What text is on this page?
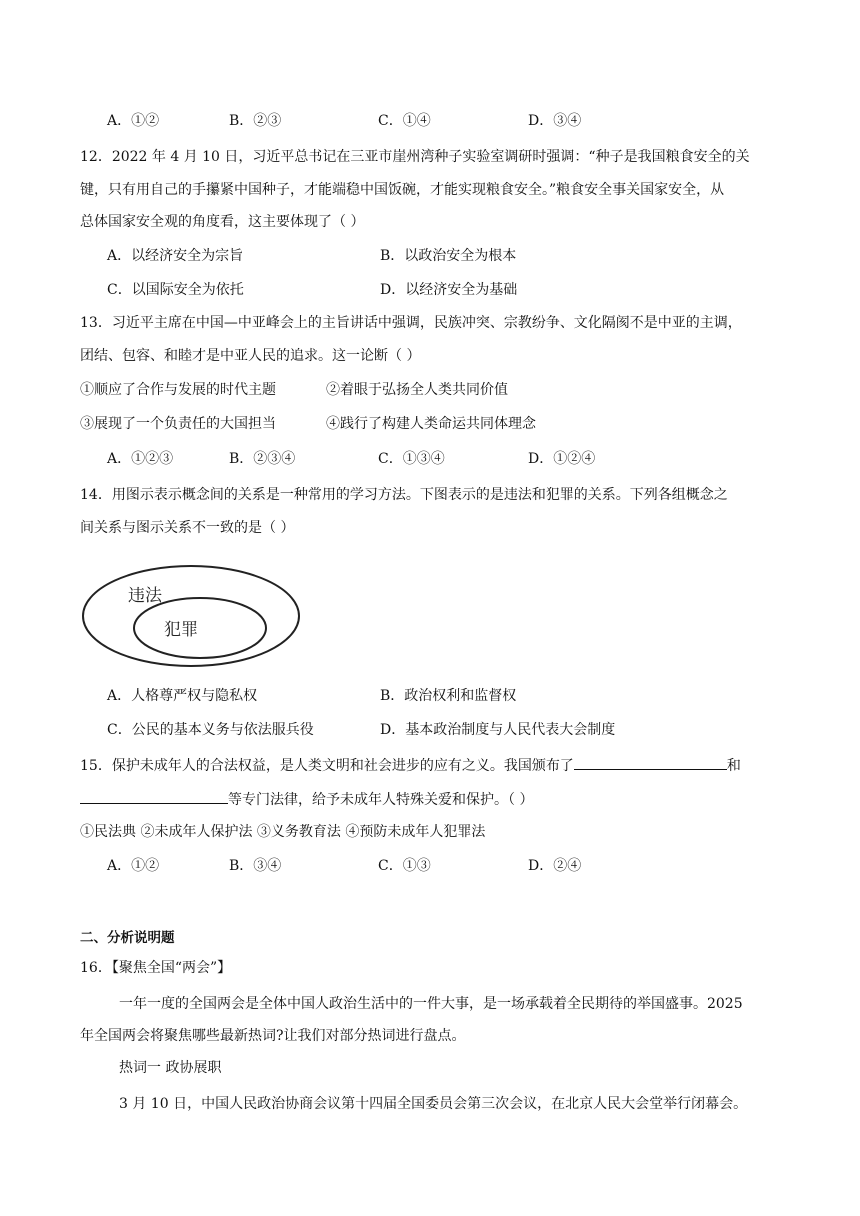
A．①②	B．②③	C．①④	D．③④
12．2022 年 4 月 10 日，习近平总书记在三亚市崖州湾种子实验室调研时强调：“种子是我国粮食安全的关
键，只有用自己的手攥紧中国种子，才能端稳中国饭碗，才能实现粮食安全。”粮食安全事关国家安全，从
总体国家安全观的角度看，这主要体现了（ ）
A．以经济安全为宗旨	B．以政治安全为根本
C．以国际安全为依托	D．以经济安全为基础
13．习近平主席在中国—中亚峰会上的主旨讲话中强调，民族冲突、宗教纷争、文化隔阂不是中亚的主调，
团结、包容、和睦才是中亚人民的追求。这一论断（ ）
①顺应了合作与发展的时代主题	②着眼于弘扬全人类共同价值
③展现了一个负责任的大国担当	④践行了构建人类命运共同体理念
A．①②③	B．②③④	C．①③④	D．①②④
14．用图示表示概念间的关系是一种常用的学习方法。下图表示的是违法和犯罪的关系。下列各组概念之
间关系与图示关系不一致的是（ ）
违法
犯罪
A．人格尊严权与隐私权	B．政治权利和监督权
C．公民的基本义务与依法服兵役	D．基本政治制度与人民代表大会制度
15．保护未成年人的合法权益，是人类文明和社会进步的应有之义。我国颁布了	和
等专门法律，给予未成年人特殊关爱和保护。（ ）
①民法典 ②未成年人保护法 ③义务教育法 ④预防未成年人犯罪法
A．①②	B．③④	C．①③	D．②④
二、分析说明题
16．【聚焦全国“两会”】
一年一度的全国两会是全体中国人政治生活中的一件大事，是一场承载着全民期待的举国盛事。2025
年全国两会将聚焦哪些最新热词?让我们对部分热词进行盘点。
热词一 政协展职
3 月 10 日，中国人民政治协商会议第十四届全国委员会第三次会议，在北京人民大会堂举行闭幕会。
